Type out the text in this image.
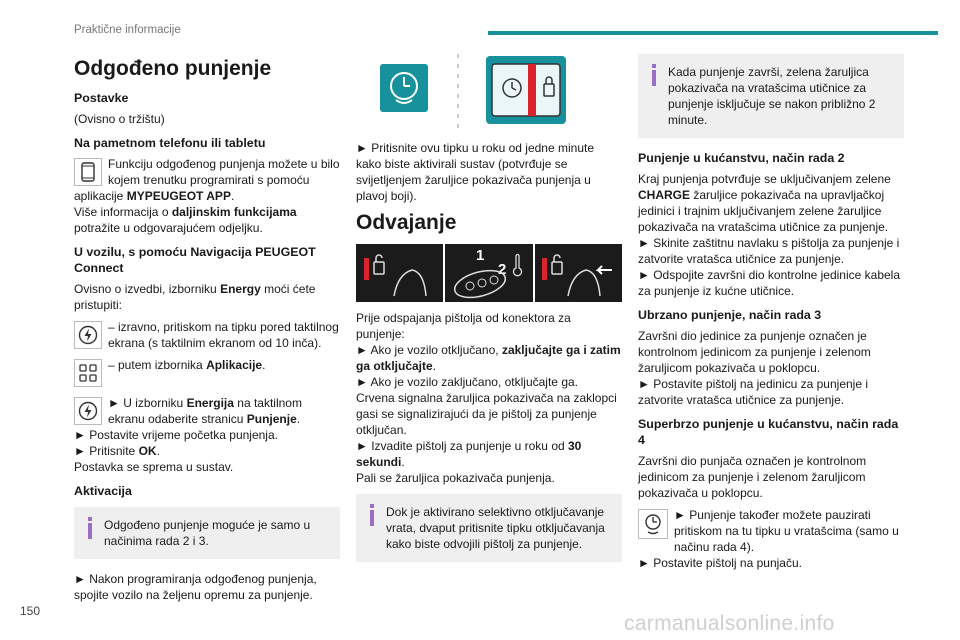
Praktične informacije
Odgođeno punjenje
Postavke
(Ovisno o tržištu)
Na pametnom telefonu ili tabletu
Funkciju odgođenog punjenja možete u bilo kojem trenutku programirati s pomoću aplikacije MYPEUGEOT APP.
Više informacija o daljinskim funkcijama potražite u odgovarajućem odjeljku.
U vozilu, s pomoću Navigacija PEUGEOT Connect
Ovisno o izvedbi, izborniku Energy moći ćete pristupiti:
– izravno, pritiskom na tipku pored taktilnog ekrana (s taktilnim ekranom od 10 inča).
– putem izbornika Aplikacije.
► U izborniku Energija na taktilnom ekranu odaberite stranicu Punjenje.
► Postavite vrijeme početka punjenja.
► Pritisnite OK.
Postavka se sprema u sustav.
Aktivacija
Odgođeno punjenje moguće je samo u načinima rada 2 i 3.
► Nakon programiranja odgođenog punjenja, spojite vozilo na željenu opremu za punjenje.
► Pritisnite ovu tipku u roku od jedne minute kako biste aktivirali sustav (potvrđuje se svijetljenjem žaruljice pokazivača punjenja u plavoj boji).
Odvajanje
1
2
Prije odspajanja pištolja od konektora za punjenje:
► Ako je vozilo otključano, zaključajte ga i zatim ga otključajte.
► Ako je vozilo zaključano, otključajte ga.
Crvena signalna žaruljica pokazivača na zaklopci gasi se signalizirajući da je pištolj za punjenje otključan.
► Izvadite pištolj za punjenje u roku od 30 sekundi.
Pali se žaruljica pokazivača punjenja.
Dok je aktivirano selektivno otključavanje vrata, dvaput pritisnite tipku otključavanja kako biste odvojili pištolj za punjenje.
Kada punjenje završi, zelena žaruljica pokazivača na vratašcima utičnice za punjenje isključuje se nakon približno 2 minute.
Punjenje u kućanstvu, način rada 2
Kraj punjenja potvrđuje se uključivanjem zelene CHARGE žaruljice pokazivača na upravljačkoj jedinici i trajnim uključivanjem zelene žaruljice pokazivača na vratašcima utičnice za punjenje.
► Skinite zaštitnu navlaku s pištolja za punjenje i zatvorite vratašca utičnice za punjenje.
► Odspojite završni dio kontrolne jedinice kabela za punjenje iz kućne utičnice.
Ubrzano punjenje, način rada 3
Završni dio jedinice za punjenje označen je kontrolnom jedinicom za punjenje i zelenom žaruljicom pokazivača u poklopcu.
► Postavite pištolj na jedinicu za punjenje i zatvorite vratašca utičnice za punjenje.
Superbrzo punjenje u kućanstvu, način rada 4
Završni dio punjača označen je kontrolnom jedinicom za punjenje i zelenom žaruljicom pokazivača u poklopcu.
► Punjenje također možete pauzirati pritiskom na tu tipku u vratašcima (samo u načinu rada 4).
► Postavite pištolj na punjaču.
150
carmanualsonline.info
